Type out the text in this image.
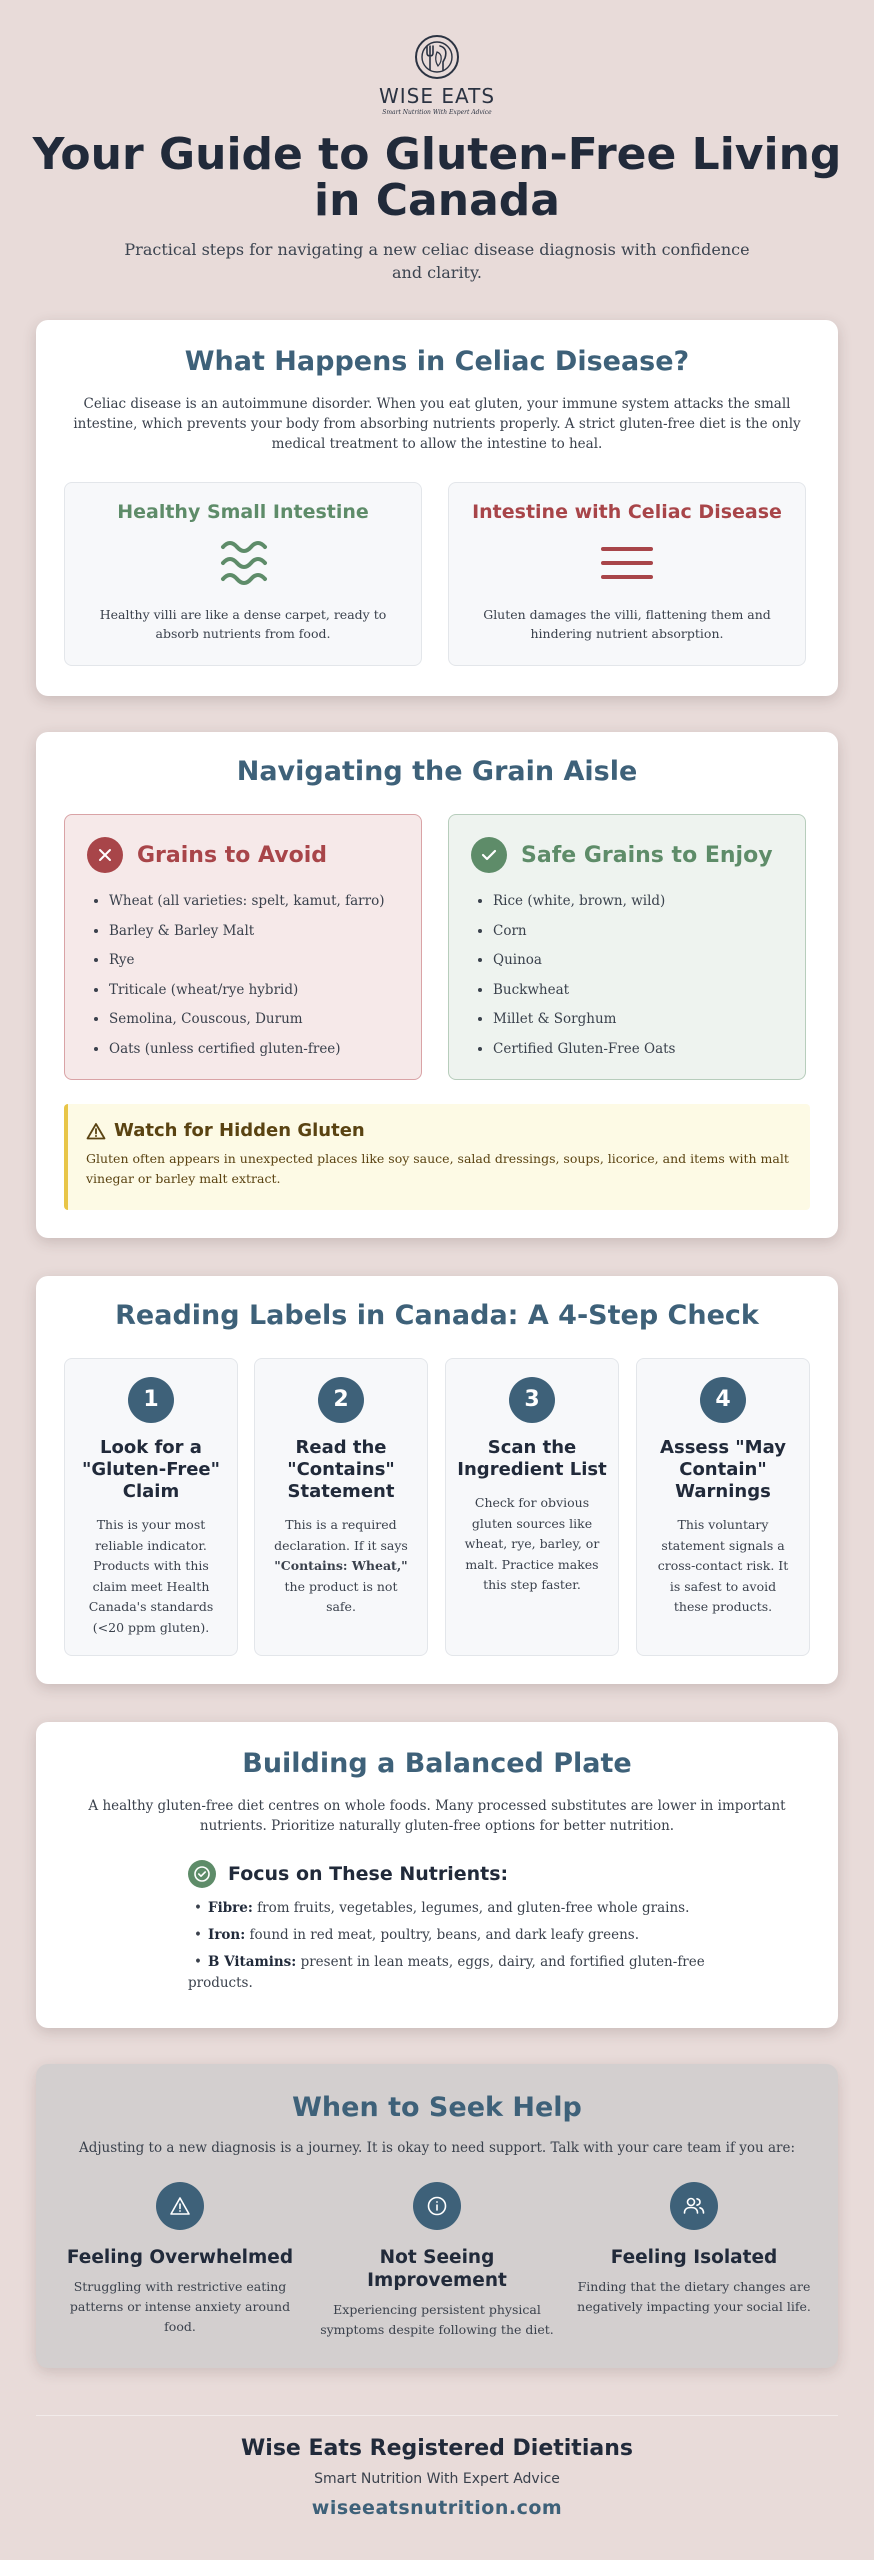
WISE EATS
Smart Nutrition With Expert Advice
Your Guide to Gluten-Free Living in Canada
Practical steps for navigating a new celiac disease diagnosis with confidence and clarity.
What Happens in Celiac Disease?
Celiac disease is an autoimmune disorder. When you eat gluten, your immune system attacks the small intestine, which prevents your body from absorbing nutrients properly. A strict gluten-free diet is the only medical treatment to allow the intestine to heal.
Healthy Small Intestine

Healthy villi are like a dense carpet, ready to absorb nutrients from food.

Intestine with Celiac Disease

Gluten damages the villi, flattening them and hindering nutrient absorption.

Navigating the Grain Aisle
Grains to Avoid
• Wheat (all varieties: spelt, kamut, farro)
• Barley & Barley Malt
• Rye
• Triticale (wheat/rye hybrid)
• Semolina, Couscous, Durum
• Oats (unless certified gluten-free)
Safe Grains to Enjoy
• Rice (white, brown, wild)
• Corn
• Quinoa
• Buckwheat
• Millet & Sorghum
• Certified Gluten-Free Oats
Watch for Hidden Gluten

Gluten often appears in unexpected places like soy sauce, salad dressings, soups, licorice, and items with malt vinegar or barley malt extract.

Reading Labels in Canada: A 4-Step Check
1
Look for a "Gluten-Free" Claim

This is your most reliable indicator. Products with this claim meet Health Canada's standards (<20 ppm gluten).

2
Read the "Contains" Statement

This is a required declaration. If it says "Contains: Wheat," the product is not safe.

3
Scan the Ingredient List

Check for obvious gluten sources like wheat, rye, barley, or malt. Practice makes this step faster.

4
Assess "May Contain" Warnings

This voluntary statement signals a cross-contact risk. It is safest to avoid these products.

Building a Balanced Plate
A healthy gluten-free diet centres on whole foods. Many processed substitutes are lower in important nutrients. Prioritize naturally gluten-free options for better nutrition.
Focus on These Nutrients:
• Fibre: from fruits, vegetables, legumes, and gluten-free whole grains.
• Iron: found in red meat, poultry, beans, and dark leafy greens.
• B Vitamins: present in lean meats, eggs, dairy, and fortified gluten-free products.
When to Seek Help
Adjusting to a new diagnosis is a journey. It is okay to need support. Talk with your care team if you are:
Feeling Overwhelmed

Struggling with restrictive eating patterns or intense anxiety around food.

Not Seeing Improvement

Experiencing persistent physical symptoms despite following the diet.

Feeling Isolated

Finding that the dietary changes are negatively impacting your social life.

Wise Eats Registered Dietitians
Smart Nutrition With Expert Advice
wiseeatsnutrition.com
